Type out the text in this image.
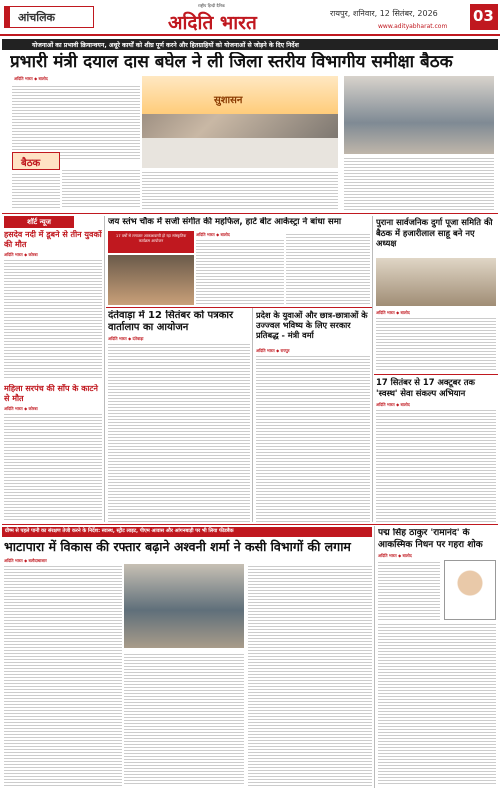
आंचलिक
राष्ट्रीय हिन्दी दैनिक
अदिति भारत	रायपुर, शनिवार, 12 सितंबर, 2026
www.adityabharat.com
03
योजनाओं का प्रभावी क्रियान्वयन, अधूरे कार्यों को शीघ्र पूर्ण करने और हितग्राहियों को योजनाओं से जोड़ने के दिए निर्देश
प्रभारी मंत्री दयाल दास बघेल ने ली जिला स्तरीय विभागीय समीक्षा बैठक
अदिति भारत ◆ बालोद
सुशासन
बैठक
शॉर्ट न्यूज
हसदेव नदी में डूबने से तीन युवकों की मौत
अदिति भारत ◆ कोरबा
महिला सरपंच की साँप के काटने से मौत
अदिति भारत ◆ कोरबा
जय स्तंभ चौक में सजी संगीत की महफिल, हार्ट बीट आर्केस्ट्रा ने बांधा समा
17 वर्षों से लगातार आकाशवाणी हो रहा सांस्कृतिक कार्यक्रम आयोजन
अदिति भारत ◆ बालोद
दंतेवाड़ा में 12 सितंबर को पत्रकार वार्तालाप का आयोजन
अदिति भारत ◆ दंतेवाड़ा
प्रदेश के युवाओं और छात्र-छात्राओं के उज्ज्वल भविष्य के लिए सरकार प्रतिबद्ध - मंत्री वर्मा
अदिति भारत ◆ रायपुर
पुराना सार्वजनिक दुर्गा पूजा समिति की बैठक में हजारीलाल साहू बने नए अध्यक्ष
अदिति भारत ◆ बालोद
17 सितंबर से 17 अक्टूबर तक 'स्वस्थ' सेवा संकल्प अभियान
अदिति भारत ◆ बालोद
ग्रीष्म से पहले पानी का संरक्षण तेजी करने के निर्देश: स्वास्थ, स्ट्रीट लाइट, पीएम आवास और आंगनबाड़ी पर भी लिया फीडबैक
भाटापारा में विकास की रफ्तार बढ़ाने अश्वनी शर्मा ने कसी विभागों की लगाम
अदिति भारत ◆ बलौदाबाजार
पद्म सिंह ठाकुर 'रामानंद' के आकस्मिक निधन पर गहरा शोक
अदिति भारत ◆ बालोद
